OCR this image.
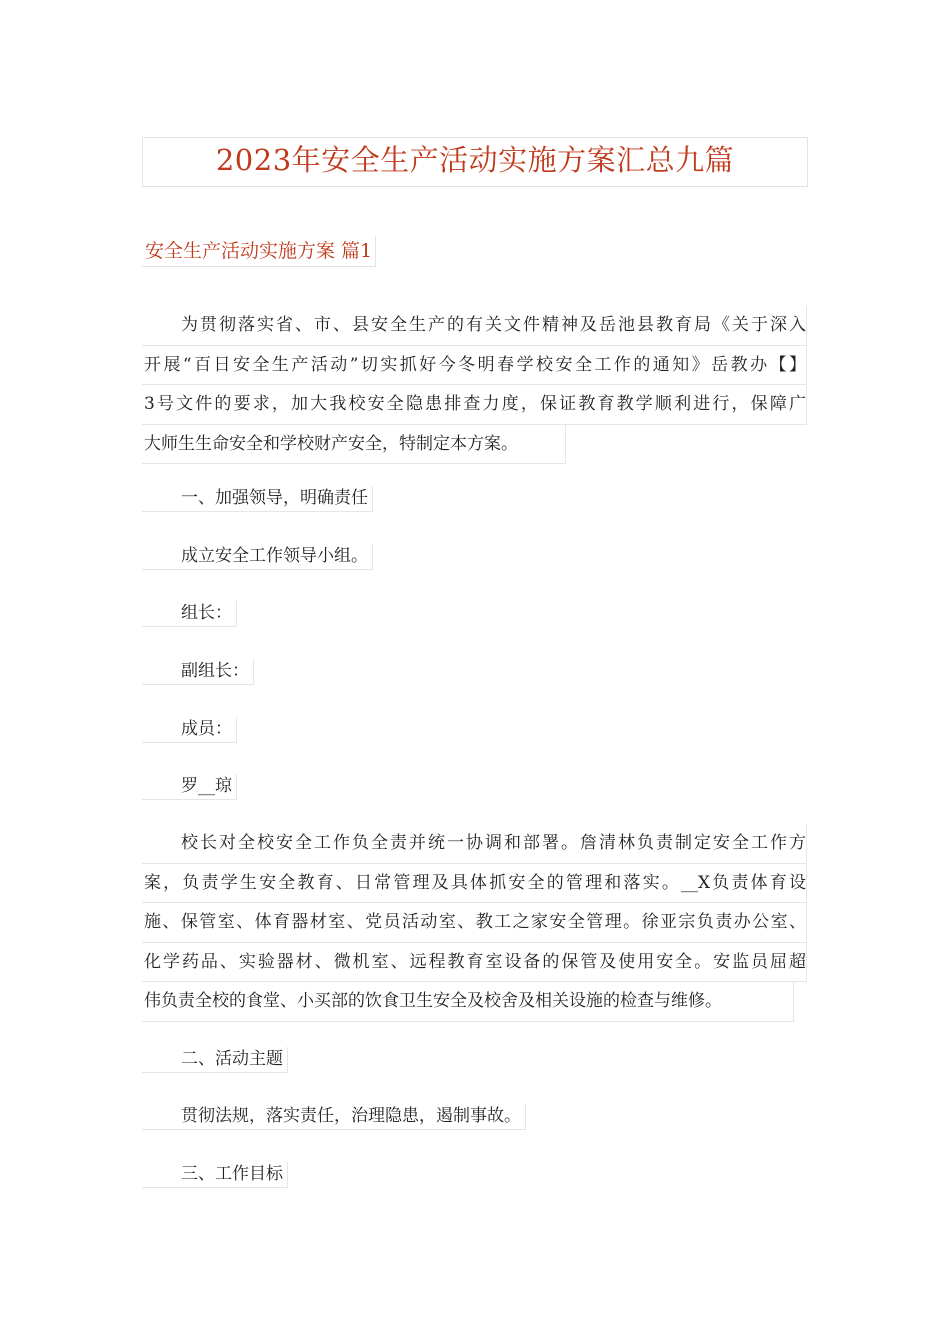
2023年安全生产活动实施方案汇总九篇
安全生产活动实施方案 篇1
为贯彻落实省、市、县安全生产的有关文件精神及岳池县教育局《关于深入
开展“百日安全生产活动”切实抓好今冬明春学校安全工作的通知》岳教办【】
3号文件的要求，加大我校安全隐患排查力度，保证教育教学顺利进行，保障广
大师生生命安全和学校财产安全，特制定本方案。
一、加强领导，明确责任
成立安全工作领导小组。
组长：
副组长：
成员：
罗__琼
校长对全校安全工作负全责并统一协调和部署。詹清林负责制定安全工作方
案，负责学生安全教育、日常管理及具体抓安全的管理和落实。__X负责体育设
施、保管室、体育器材室、党员活动室、教工之家安全管理。徐亚宗负责办公室、
化学药品、实验器材、微机室、远程教育室设备的保管及使用安全。安监员屈超
伟负责全校的食堂、小买部的饮食卫生安全及校舍及相关设施的检查与维修。
二、活动主题
贯彻法规，落实责任，治理隐患，遏制事故。
三、工作目标
